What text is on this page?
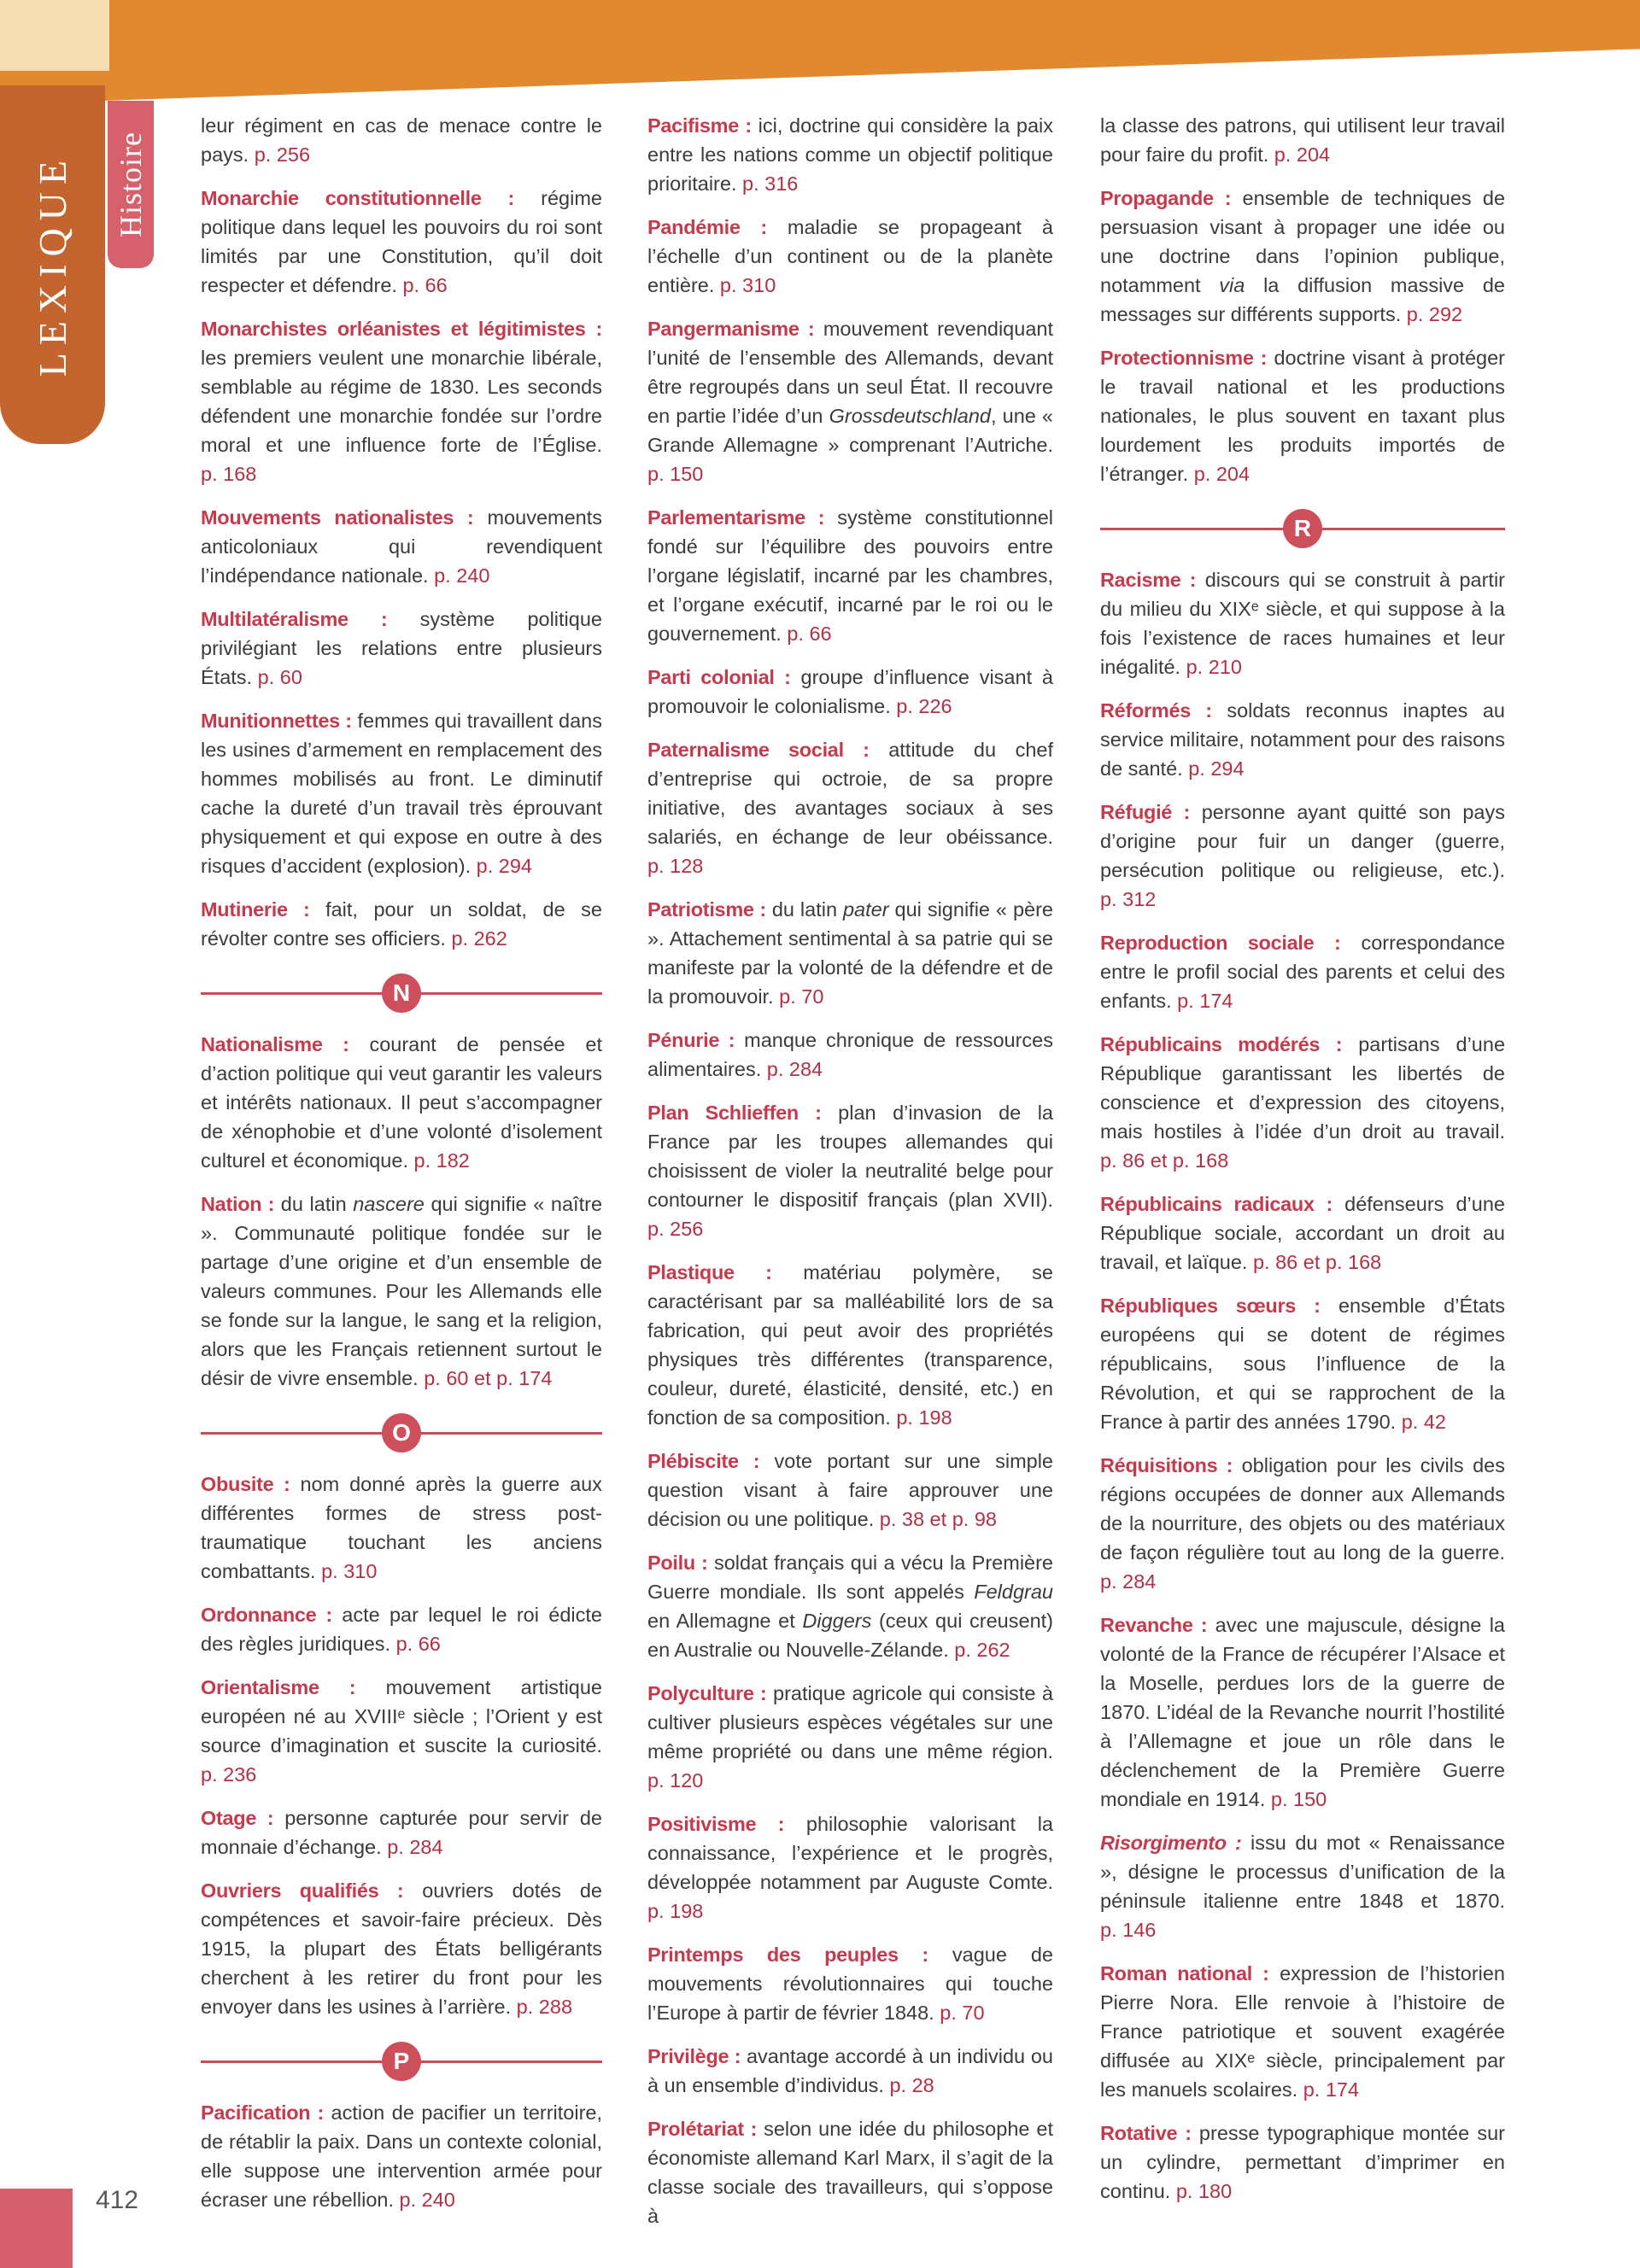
LEXIQUE Histoire

leur régiment en cas de menace contre le pays. p. 256

Monarchie constitutionnelle : régime politique dans lequel les pouvoirs du roi sont limités par une Constitution, qu’il doit respecter et défendre. p. 66

Monarchistes orléanistes et légitimistes : les premiers veulent une monarchie libérale, semblable au régime de 1830. Les seconds défendent une monarchie fondée sur l’ordre moral et une influence forte de l’Église. p. 168

Mouvements nationalistes : mouvements anticoloniaux qui revendiquent l’indépendance nationale. p. 240

Multilatéralisme : système politique privilégiant les relations entre plusieurs États. p. 60

Munitionnettes : femmes qui travaillent dans les usines d’armement en remplacement des hommes mobilisés au front. Le diminutif cache la dureté d’un travail très éprouvant physiquement et qui expose en outre à des risques d’accident (explosion). p. 294

Mutinerie : fait, pour un soldat, de se révolter contre ses officiers. p. 262

N

Nationalisme : courant de pensée et d’action politique qui veut garantir les valeurs et intérêts nationaux. Il peut s’accompagner de xénophobie et d’une volonté d’isolement culturel et économique. p. 182

Nation : du latin nascere qui signifie « naître ». Communauté politique fondée sur le partage d’une origine et d’un ensemble de valeurs communes. Pour les Allemands elle se fonde sur la langue, le sang et la religion, alors que les Français retiennent surtout le désir de vivre ensemble. p. 60 et p. 174

O

Obusite : nom donné après la guerre aux différentes formes de stress post-traumatique touchant les anciens combattants. p. 310

Ordonnance : acte par lequel le roi édicte des règles juridiques. p. 66

Orientalisme : mouvement artistique européen né au XVIIIᵉ siècle ; l’Orient y est source d’imagination et suscite la curiosité. p. 236

Otage : personne capturée pour servir de monnaie d’échange. p. 284

Ouvriers qualifiés : ouvriers dotés de compétences et savoir-faire précieux. Dès 1915, la plupart des États belligérants cherchent à les retirer du front pour les envoyer dans les usines à l’arrière. p. 288

P

Pacification : action de pacifier un territoire, de rétablir la paix. Dans un contexte colonial, elle suppose une intervention armée pour écraser une rébellion. p. 240

Pacifisme : ici, doctrine qui considère la paix entre les nations comme un objectif politique prioritaire. p. 316

Pandémie : maladie se propageant à l’échelle d’un continent ou de la planète entière. p. 310

Pangermanisme : mouvement revendiquant l’unité de l’ensemble des Allemands, devant être regroupés dans un seul État. Il recouvre en partie l’idée d’un Grossdeutschland, une « Grande Allemagne » comprenant l’Autriche. p. 150

Parlementarisme : système constitutionnel fondé sur l’équilibre des pouvoirs entre l’organe législatif, incarné par les chambres, et l’organe exécutif, incarné par le roi ou le gouvernement. p. 66

Parti colonial : groupe d’influence visant à promouvoir le colonialisme. p. 226

Paternalisme social : attitude du chef d’entreprise qui octroie, de sa propre initiative, des avantages sociaux à ses salariés, en échange de leur obéissance. p. 128

Patriotisme : du latin pater qui signifie « père ». Attachement sentimental à sa patrie qui se manifeste par la volonté de la défendre et de la promouvoir. p. 70

Pénurie : manque chronique de ressources alimentaires. p. 284

Plan Schlieffen : plan d’invasion de la France par les troupes allemandes qui choisissent de violer la neutralité belge pour contourner le dispositif français (plan XVII). p. 256

Plastique : matériau polymère, se caractérisant par sa malléabilité lors de sa fabrication, qui peut avoir des propriétés physiques très différentes (transparence, couleur, dureté, élasticité, densité, etc.) en fonction de sa composition. p. 198

Plébiscite : vote portant sur une simple question visant à faire approuver une décision ou une politique. p. 38 et p. 98

Poilu : soldat français qui a vécu la Première Guerre mondiale. Ils sont appelés Feldgrau en Allemagne et Diggers (ceux qui creusent) en Australie ou Nouvelle-Zélande. p. 262

Polyculture : pratique agricole qui consiste à cultiver plusieurs espèces végétales sur une même propriété ou dans une même région. p. 120

Positivisme : philosophie valorisant la connaissance, l’expérience et le progrès, développée notamment par Auguste Comte. p. 198

Printemps des peuples : vague de mouvements révolutionnaires qui touche l’Europe à partir de février 1848. p. 70

Privilège : avantage accordé à un individu ou à un ensemble d’individus. p. 28

Prolétariat : selon une idée du philosophe et économiste allemand Karl Marx, il s’agit de la classe sociale des travailleurs, qui s’oppose à

la classe des patrons, qui utilisent leur travail pour faire du profit. p. 204

Propagande : ensemble de techniques de persuasion visant à propager une idée ou une doctrine dans l’opinion publique, notamment via la diffusion massive de messages sur différents supports. p. 292

Protectionnisme : doctrine visant à protéger le travail national et les productions nationales, le plus souvent en taxant plus lourdement les produits importés de l’étranger. p. 204

R

Racisme : discours qui se construit à partir du milieu du XIXᵉ siècle, et qui suppose à la fois l’existence de races humaines et leur inégalité. p. 210

Réformés : soldats reconnus inaptes au service militaire, notamment pour des raisons de santé. p. 294

Réfugié : personne ayant quitté son pays d’origine pour fuir un danger (guerre, persécution politique ou religieuse, etc.). p. 312

Reproduction sociale : correspondance entre le profil social des parents et celui des enfants. p. 174

Républicains modérés : partisans d’une République garantissant les libertés de conscience et d’expression des citoyens, mais hostiles à l’idée d’un droit au travail. p. 86 et p. 168

Républicains radicaux : défenseurs d’une République sociale, accordant un droit au travail, et laïque. p. 86 et p. 168

Républiques sœurs : ensemble d’États européens qui se dotent de régimes républicains, sous l’influence de la Révolution, et qui se rapprochent de la France à partir des années 1790. p. 42

Réquisitions : obligation pour les civils des régions occupées de donner aux Allemands de la nourriture, des objets ou des matériaux de façon régulière tout au long de la guerre. p. 284

Revanche : avec une majuscule, désigne la volonté de la France de récupérer l’Alsace et la Moselle, perdues lors de la guerre de 1870. L’idéal de la Revanche nourrit l’hostilité à l’Allemagne et joue un rôle dans le déclenchement de la Première Guerre mondiale en 1914. p. 150

Risorgimento : issu du mot « Renaissance », désigne le processus d’unification de la péninsule italienne entre 1848 et 1870. p. 146

Roman national : expression de l’historien Pierre Nora. Elle renvoie à l’histoire de France patriotique et souvent exagérée diffusée au XIXᵉ siècle, principalement par les manuels scolaires. p. 174

Rotative : presse typographique montée sur un cylindre, permettant d’imprimer en continu. p. 180

412
